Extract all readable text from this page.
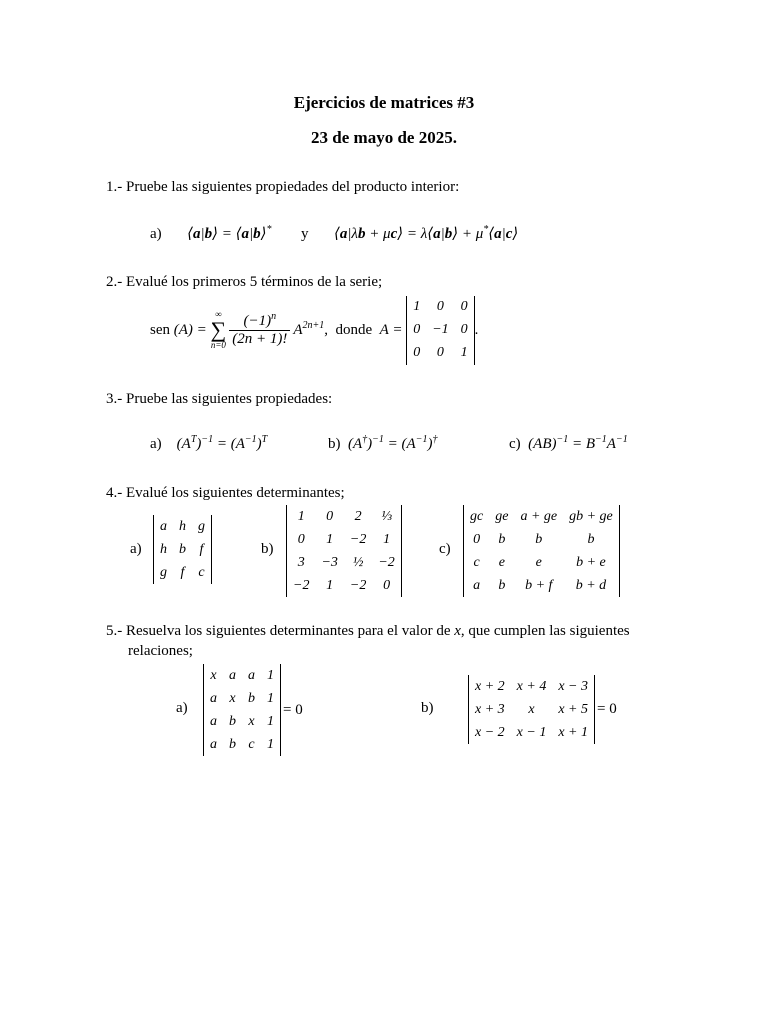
Ejercicios de matrices #3
23 de mayo de 2025.
1.- Pruebe las siguientes propiedades del producto interior:
a) ⟨a|b⟩ = ⟨a|b⟩* y ⟨a|λb + μc⟩ = λ⟨a|b⟩ + μ*⟨a|c⟩
2.- Evalué los primeros 5 términos de la serie;
sen (A) =
∞
∑
$n=0 \frac{(-1)^n}{(2n + 1)!} A^{2n+1}$ , donde A =
1	0	0
0	−1	0
0	0	1
.
3.- Pruebe las siguientes propiedades:
a) $(A^T)^{-1} = (A^{-1})^T$	b) $(A^\dagger)^{-1} = (A^{-1})^\dagger$	c) $(AB)^{-1} = B^{-1}A^{-1}$
4.- Evalué los siguientes determinantes;
a)
a	h	g
h	b	f
g	f	c
b)
1	0	2	⅓
0	1	−2	1
3	−3	½	−2
−2	1	−2	0
c)
gc	ge	a + ge	gb + ge
0	b	b	b
c	e	e	b + e
a	b	b + f	b + d
5.- Resuelva los siguientes determinantes para el valor de x, que cumplen las siguientes
relaciones;
a)
x	a	a	1
a	x	b	1
a	b	x	1
a	b	c	1
= 0	b)
x + 2	x + 4	x − 3
x + 3	x	x + 5
x − 2	x − 1	x + 1
= 0
